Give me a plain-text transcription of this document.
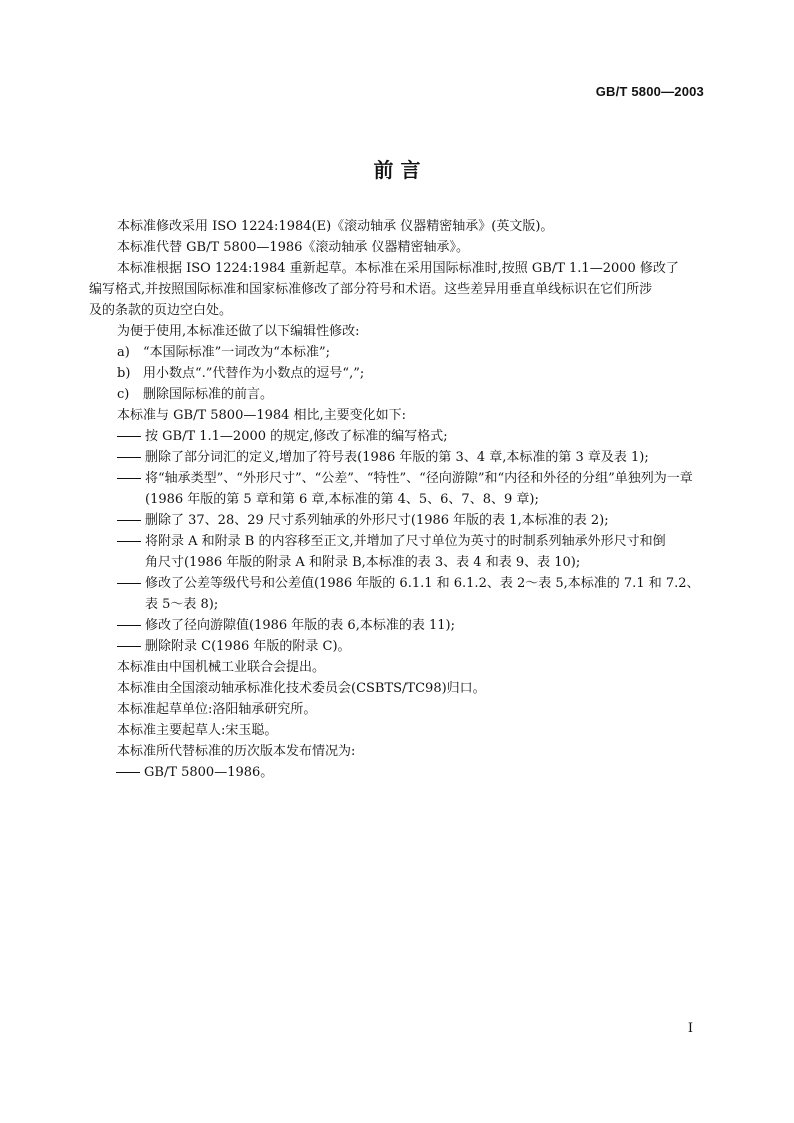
GB/T 5800—2003
前 言
本标准修改采用 ISO 1224:1984(E)《滚动轴承 仪器精密轴承》(英文版)。
本标准代替 GB/T 5800—1986《滚动轴承 仪器精密轴承》。
本标准根据 ISO 1224:1984 重新起草。本标准在采用国际标准时,按照 GB/T 1.1—2000 修改了
编写格式,并按照国际标准和国家标准修改了部分符号和术语。这些差异用垂直单线标识在它们所涉
及的条款的页边空白处。
为便于使用,本标准还做了以下编辑性修改:
a)	“本国际标准”一词改为“本标准”;
b) 用小数点“.”代替作为小数点的逗号“,”;
c)	删除国际标准的前言。
本标准与 GB/T 5800—1984 相比,主要变化如下:
按 GB/T 1.1—2000 的规定,修改了标准的编写格式;
删除了部分词汇的定义,增加了符号表(1986 年版的第 3、4 章,本标准的第 3 章及表 1);
将“轴承类型”、“外形尺寸”、“公差”、“特性”、“径向游隙”和“内径和外径的分组”单独列为一章
(1986 年版的第 5 章和第 6 章,本标准的第 4、5、6、7、8、9 章);
删除了 37、28、29 尺寸系列轴承的外形尺寸(1986 年版的表 1,本标准的表 2);
将附录 A 和附录 B 的内容移至正文,并增加了尺寸单位为英寸的时制系列轴承外形尺寸和倒
角尺寸(1986 年版的附录 A 和附录 B,本标准的表 3、表 4 和表 9、表 10);
修改了公差等级代号和公差值(1986 年版的 6.1.1 和 6.1.2、表 2～表 5,本标准的 7.1 和 7.2、
表 5～表 8);
修改了径向游隙值(1986 年版的表 6,本标准的表 11);
删除附录 C(1986 年版的附录 C)。
本标准由中国机械工业联合会提出。
本标准由全国滚动轴承标准化技术委员会(CSBTS/TC98)归口。
本标准起草单位:洛阳轴承研究所。
本标准主要起草人:宋玉聪。
本标准所代替标准的历次版本发布情况为:
GB/T 5800—1986。
I
